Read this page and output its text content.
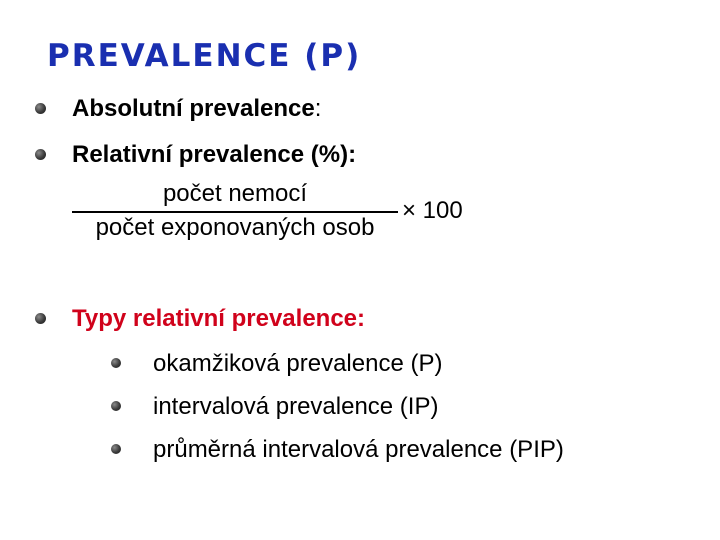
PREVALENCE (P)
Absolutní prevalence:
Relativní prevalence (%):
počet nemocí
počet exponovaných osob
× 100
Typy relativní prevalence:
okamžiková prevalence (P)
intervalová prevalence (IP)
průměrná intervalová prevalence (PIP)
